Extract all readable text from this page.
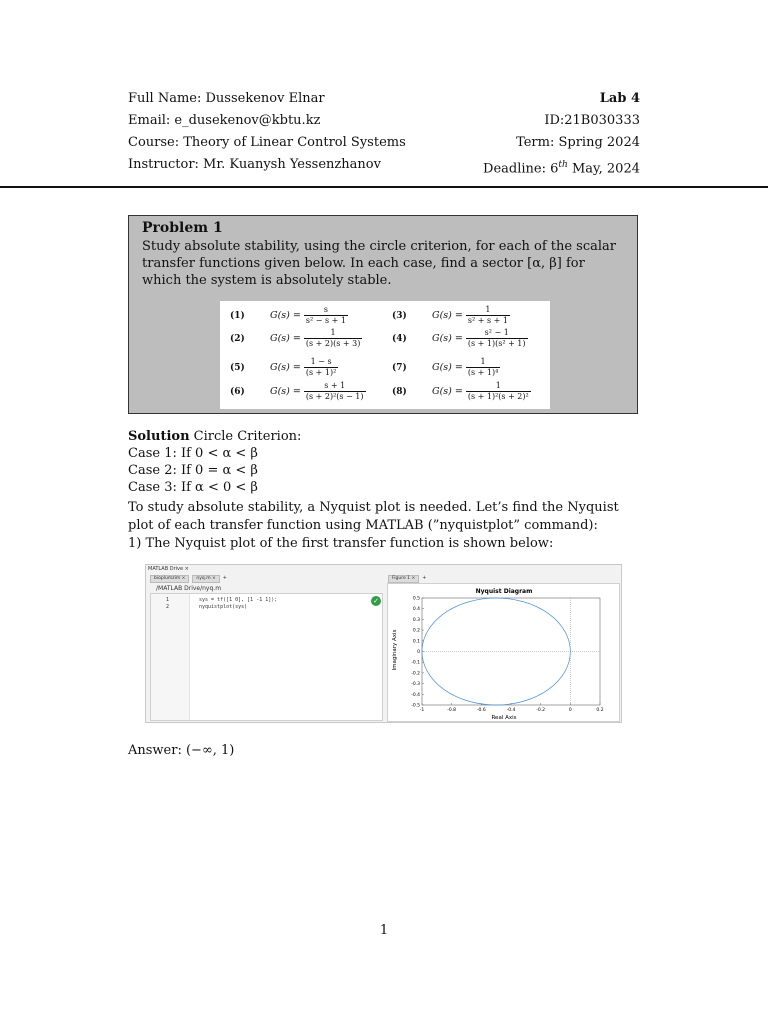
Full Name: Dussekenov Elnar
Email: e_dusekenov@kbtu.kz
Course: Theory of Linear Control Systems
Instructor: Mr. Kuanysh Yessenzhanov
Lab 4
ID:21B030333
Term: Spring 2024
Deadline: 6th May, 2024
Problem 1
Study absolute stability, using the circle criterion, for each of the scalar transfer functions given below. In each case, find a sector [α, β] for which the system is absolutely stable.
(1)	$G(s) = \frac{s}{\text{s² − s + 1}}$	(3)	$G(s) = \frac{1}{\text{s² + s + 1}}$
(2)	$G(s) = \frac{1}{(s + 2)(s + 3)}$	(4)	$G(s) = \frac{\text{s² − 1}}{\text{(s + 1)(s² + 1)}}$
(5)	$G(s) = \frac{1 - s}{\text{(s + 1)²}}$	(7)	$G(s) = \frac{1}{\text{(s + 1)⁴}}$
(6)	$G(s) = \frac{s + 1}{\text{(s + 2)²(s − 1)}}$	(8)	$G(s) = \frac{1}{\text{(s + 1)²(s + 2)²}}$
Solution Circle Criterion:
Case 1: If 0 < α < β
Case 2: If 0 = α < β
Case 3: If α < 0 < β
To study absolute stability, a Nyquist plot is needed. Let’s find the Nyquist plot of each transfer function using MATLAB (”nyquistplot” command):
1) The Nyquist plot of the first transfer function is shown below:
MATLAB Drive ×
bioplumzim ×	nyq.m ×	+
/MATLAB Drive/nyq.m
1	sys = tf([1 0], [1 -1 1]);
2	nyquistplot(sys)
✓
Figure 1 ×	+
Nyquist Diagram
Real Axis
Imaginary Axis
-1	-0.8	-0.6	-0.4	-0.2	0	0.2
0.5
0.4
0.3
0.2
0.1
0
-0.1
-0.2
-0.3
-0.4
-0.5
Answer: (−∞, 1)
1
